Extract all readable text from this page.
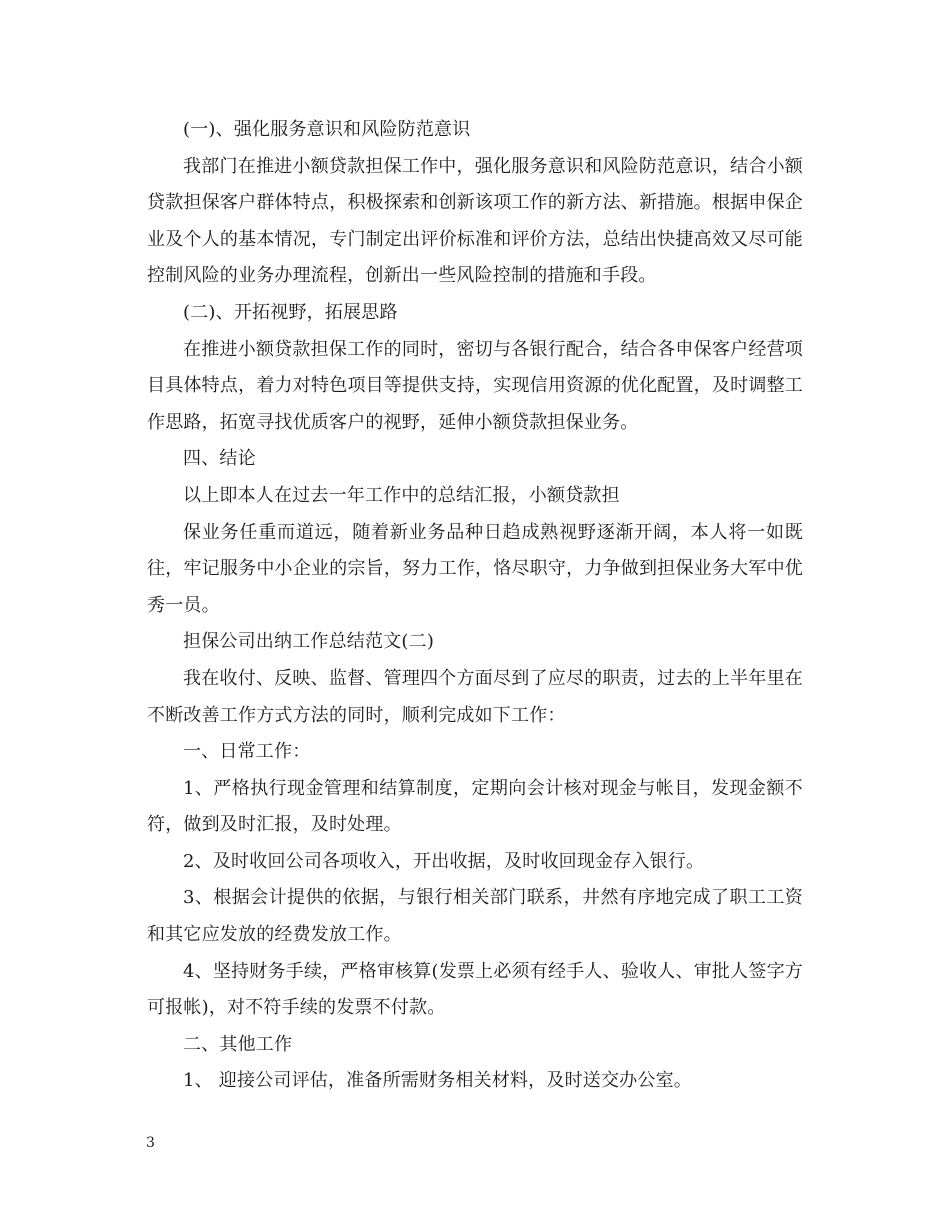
(一)、强化服务意识和风险防范意识

我部门在推进小额贷款担保工作中，强化服务意识和风险防范意识，结合小额贷款担保客户群体特点，积极探索和创新该项工作的新方法、新措施。根据申保企业及个人的基本情况，专门制定出评价标准和评价方法，总结出快捷高效又尽可能控制风险的业务办理流程，创新出一些风险控制的措施和手段。

(二)、开拓视野，拓展思路

在推进小额贷款担保工作的同时，密切与各银行配合，结合各申保客户经营项目具体特点，着力对特色项目等提供支持，实现信用资源的优化配置，及时调整工作思路，拓宽寻找优质客户的视野，延伸小额贷款担保业务。

四、结论

以上即本人在过去一年工作中的总结汇报，小额贷款担

保业务任重而道远，随着新业务品种日趋成熟视野逐渐开阔，本人将一如既往，牢记服务中小企业的宗旨，努力工作，恪尽职守，力争做到担保业务大军中优秀一员。

担保公司出纳工作总结范文(二)

我在收付、反映、监督、管理四个方面尽到了应尽的职责，过去的上半年里在不断改善工作方式方法的同时，顺利完成如下工作：

一、日常工作：

1、严格执行现金管理和结算制度，定期向会计核对现金与帐目，发现金额不符，做到及时汇报，及时处理。

2、及时收回公司各项收入，开出收据，及时收回现金存入银行。

3、根据会计提供的依据，与银行相关部门联系，井然有序地完成了职工工资和其它应发放的经费发放工作。

4、坚持财务手续，严格审核算(发票上必须有经手人、验收人、审批人签字方可报帐)，对不符手续的发票不付款。

二、其他工作

1、 迎接公司评估，准备所需财务相关材料，及时送交办公室。

3
